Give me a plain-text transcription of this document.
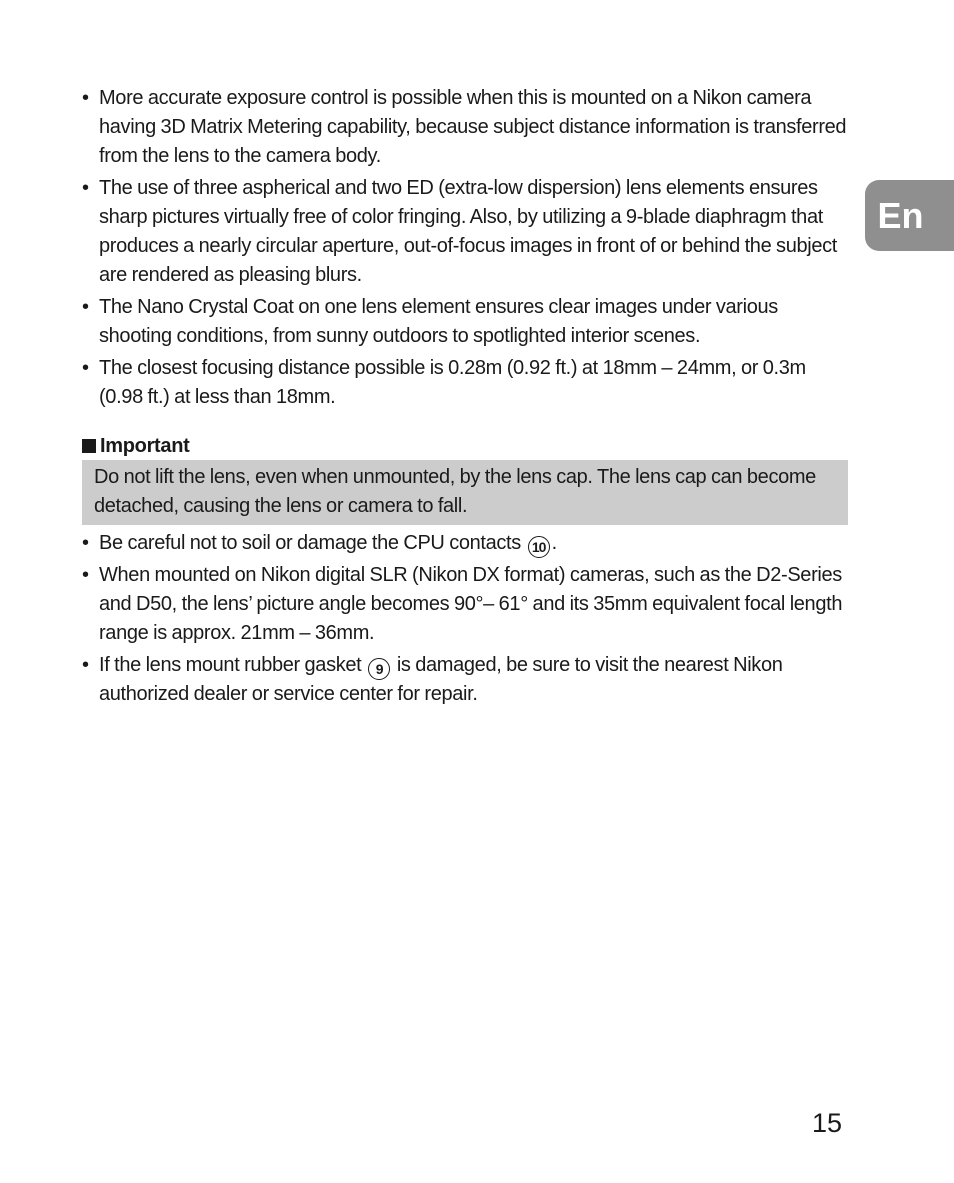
En
• More accurate exposure control is possible when this is mounted on a Nikon camera having 3D Matrix Metering capability, because subject distance information is transferred from the lens to the camera body.
• The use of three aspherical and two ED (extra-low dispersion) lens elements ensures sharp pictures virtually free of color fringing. Also, by utilizing a 9-blade diaphragm that produces a nearly circular aperture, out-of-focus images in front of or behind the subject are rendered as pleasing blurs.
• The Nano Crystal Coat on one lens element ensures clear images under various shooting conditions, from sunny outdoors to spotlighted interior scenes.
• The closest focusing distance possible is 0.28m (0.92 ft.) at 18mm – 24mm, or 0.3m (0.98 ft.) at less than 18mm.
Important
Do not lift the lens, even when unmounted, by the lens cap. The lens cap can become detached, causing the lens or camera to fall.
• Be careful not to soil or damage the CPU contacts 10 .
• When mounted on Nikon digital SLR (Nikon DX format) cameras, such as the D2-Series and D50, the lens’ picture angle becomes 90°– 61° and its 35mm equivalent focal length range is approx. 21mm – 36mm.
• If the lens mount rubber gasket 9 is damaged, be sure to visit the nearest Nikon authorized dealer or service center for repair.
15
